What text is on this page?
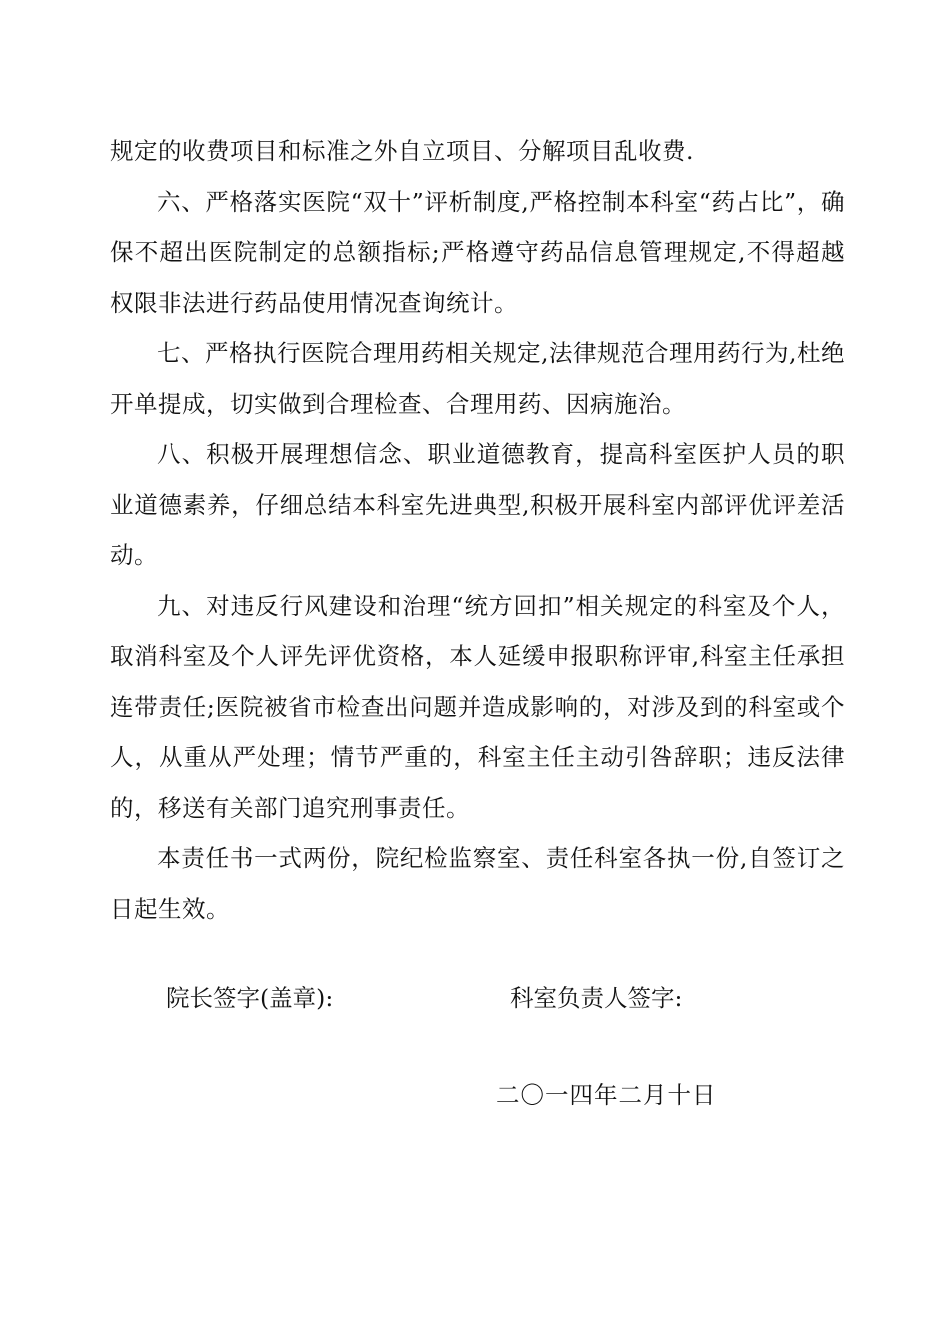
规定的收费项目和标准之外自立项目、分解项目乱收费.

六、严格落实医院“双十”评析制度,严格控制本科室“药占比”，确保不超出医院制定的总额指标;严格遵守药品信息管理规定,不得超越权限非法进行药品使用情况查询统计。

七、严格执行医院合理用药相关规定,法律规范合理用药行为,杜绝开单提成，切实做到合理检查、合理用药、因病施治。

八、积极开展理想信念、职业道德教育，提高科室医护人员的职业道德素养，仔细总结本科室先进典型,积极开展科室内部评优评差活动。

九、对违反行风建设和治理“统方回扣”相关规定的科室及个人，取消科室及个人评先评优资格，本人延缓申报职称评审,科室主任承担连带责任;医院被省市检查出问题并造成影响的，对涉及到的科室或个人，从重从严处理；情节严重的，科室主任主动引咎辞职；违反法律的，移送有关部门追究刑事责任。

本责任书一式两份，院纪检监察室、责任科室各执一份,自签订之日起生效。

院长签字(盖章):	科室负责人签字:
二〇一四年二月十日
